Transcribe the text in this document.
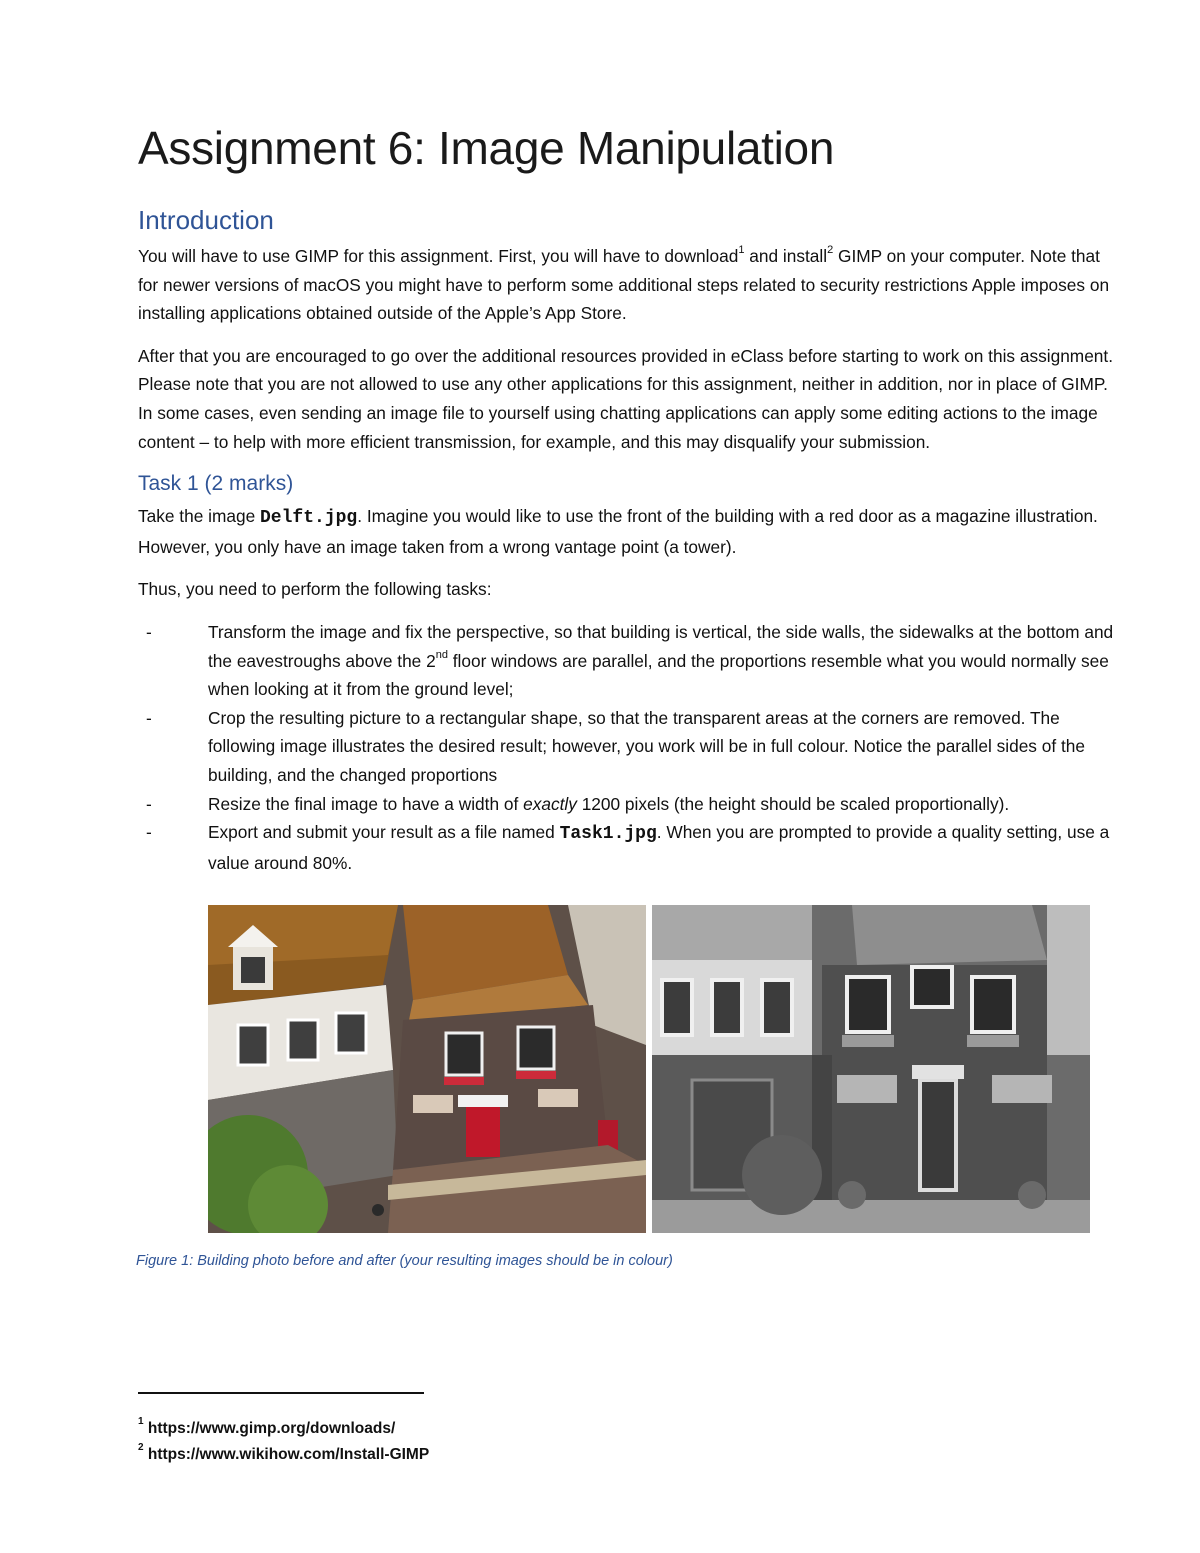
Assignment 6: Image Manipulation
Introduction

You will have to use GIMP for this assignment. First, you will have to download$^1$ and install$^2$ GIMP on your computer. Note that for newer versions of macOS you might have to perform some additional steps related to security restrictions Apple imposes on installing applications obtained outside of the Apple’s App Store.

After that you are encouraged to go over the additional resources provided in eClass before starting to work on this assignment. Please note that you are not allowed to use any other applications for this assignment, neither in addition, nor in place of GIMP. In some cases, even sending an image file to yourself using chatting applications can apply some editing actions to the image content – to help with more efficient transmission, for example, and this may disqualify your submission.

Task 1 (2 marks)

Take the image Delft.jpg. Imagine you would like to use the front of the building with a red door as a magazine illustration. However, you only have an image taken from a wrong vantage point (a tower).

Thus, you need to perform the following tasks:

-	Transform the image and fix the perspective, so that building is vertical, the side walls, the sidewalks at the bottom and the eavestroughs above the 2nd floor windows are parallel, and the proportions resemble what you would normally see when looking at it from the ground level;
-	Crop the resulting picture to a rectangular shape, so that the transparent areas at the corners are removed. The following image illustrates the desired result; however, you work will be in full colour. Notice the parallel sides of the building, and the changed proportions
-	Resize the final image to have a width of exactly 1200 pixels (the height should be scaled proportionally).
-	Export and submit your result as a file named Task1.jpg. When you are prompted to provide a quality setting, use a value around 80%.
Figure 1: Building photo before and after (your resulting images should be in colour)
$^1$ https://www.gimp.org/downloads/
$^2$ https://www.wikihow.com/Install-GIMP
